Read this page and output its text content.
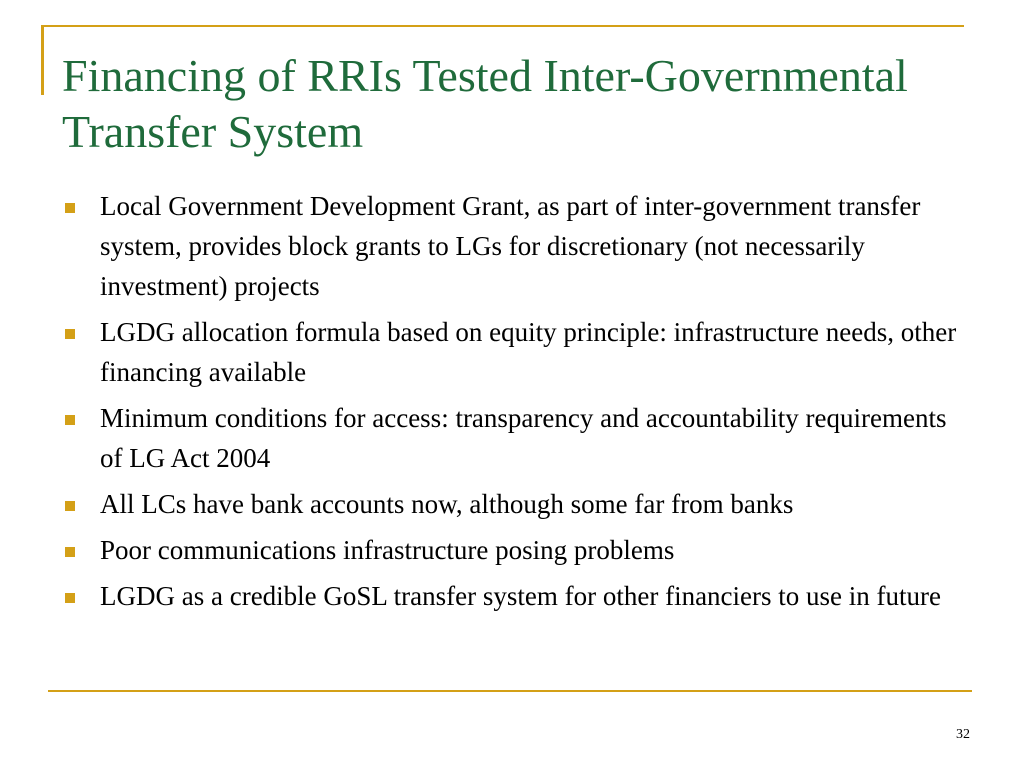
Financing of RRIs Tested Inter-Governmental Transfer System
Local Government Development Grant, as part of inter-government transfer system, provides block grants to LGs for discretionary (not necessarily investment) projects
LGDG allocation formula based on equity principle: infrastructure needs, other financing available
Minimum conditions for access: transparency and accountability requirements of LG Act 2004
All LCs have bank accounts now, although some far from banks
Poor communications infrastructure posing problems
LGDG as a credible GoSL transfer system for other financiers to use in future
32
